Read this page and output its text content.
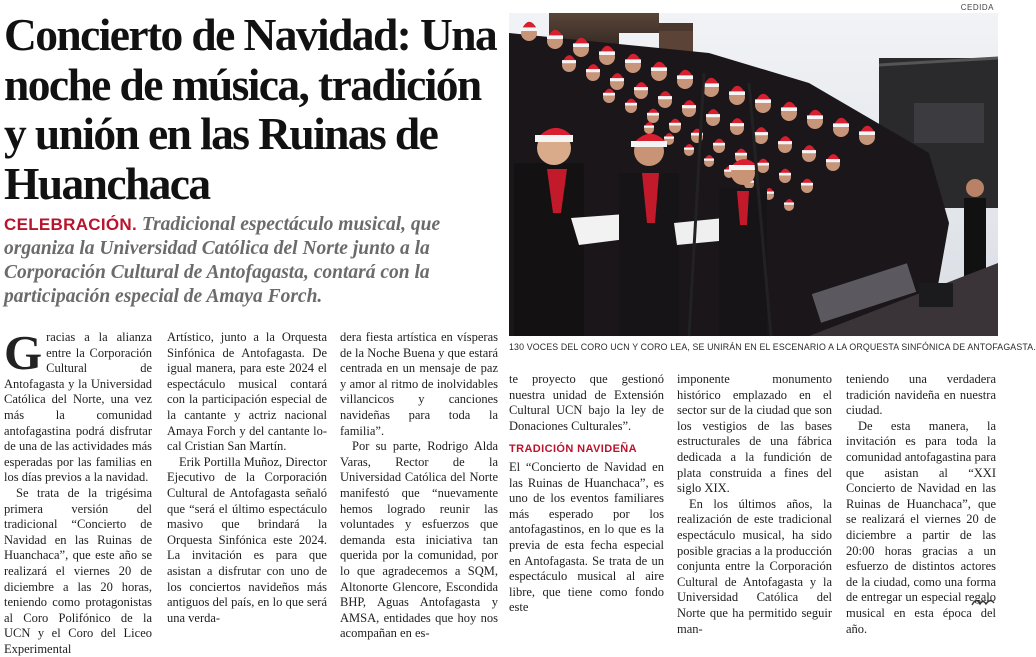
CEDIDA
Concierto de Navidad: Una noche de música, tradición y unión en las Ruinas de Huanchaca

CELEBRACIÓN. Tradicional espectáculo musical, que organiza la Universidad Católica del Norte junto a la Corporación Cultural de Antofagasta, contará con la participación especial de Amaya Forch.

130 VOCES DEL CORO UCN Y CORO LEA, SE UNIRÁN EN EL ESCENARIO A LA ORQUESTA SINFÓNICA DE ANTOFAGASTA.

Gracias a la alianza entre la Corporación Cultural de Antofagasta y la Universidad Católica del Norte, una vez más la comunidad antofagastina podrá disfrutar de una de las actividades más esperadas por las familias en los días previos a la navidad.

Se trata de la trigésima primera versión del tradicional “Concierto de Navidad en las Ruinas de Huanchaca”, que este año se realizará el viernes 20 de diciembre a las 20 horas, teniendo como protagonistas al Coro Polifónico de la UCN y el Coro del Liceo Experimental

Artístico, junto a la Orquesta Sinfónica de Antofagasta. De igual manera, para este 2024 el espectáculo musical contará con la participación especial de la cantante y actriz nacional Amaya Forch y del cantante lo- cal Cristian San Martín.

Erik Portilla Muñoz, Director Ejecutivo de la Corporación Cultural de Antofagasta señaló que “será el último espectáculo masivo que brindará la Orquesta Sinfónica este 2024. La invitación es para que asistan a disfrutar con uno de los conciertos navideños más antiguos del país, en lo que será una verda-

dera fiesta artística en vísperas de la Noche Buena y que estará centrada en un mensaje de paz y amor al ritmo de inolvidables villancicos y canciones navideñas para toda la familia”.

Por su parte, Rodrigo Alda Varas, Rector de la Universidad Católica del Norte manifestó que “nuevamente hemos logrado reunir las voluntades y esfuerzos que demanda esta iniciativa tan querida por la comunidad, por lo que agradecemos a SQM, Altonorte Glencore, Escondida BHP, Aguas Antofagasta y AMSA, entidades que hoy nos acompañan en es-

te proyecto que gestionó nuestra unidad de Extensión Cultural UCN bajo la ley de Donaciones Culturales”.

TRADICIÓN NAVIDEÑA

El “Concierto de Navidad en las Ruinas de Huanchaca”, es uno de los eventos familiares más esperado por los antofagastinos, en lo que es la previa de esta fecha especial en Antofagasta. Se trata de un espectáculo musical al aire libre, que tiene como fondo este

imponente monumento histórico emplazado en el sector sur de la ciudad que son los vestigios de las bases estructurales de una fábrica dedicada a la fundición de plata construida a fines del siglo XIX.

En los últimos años, la realización de este tradicional espectáculo musical, ha sido posible gracias a la producción conjunta entre la Corporación Cultural de Antofagasta y la Universidad Católica del Norte que ha permitido seguir man-

teniendo una verdadera tradición navideña en nuestra ciudad.

De esta manera, la invitación es para toda la comunidad antofagastina para que asistan al “XXI Concierto de Navidad en las Ruinas de Huanchaca”, que se realizará el viernes 20 de diciembre a partir de las 20:00 horas gracias a un esfuerzo de distintos actores de la ciudad, como una forma de entregar un especial regalo musical en esta época del año.
